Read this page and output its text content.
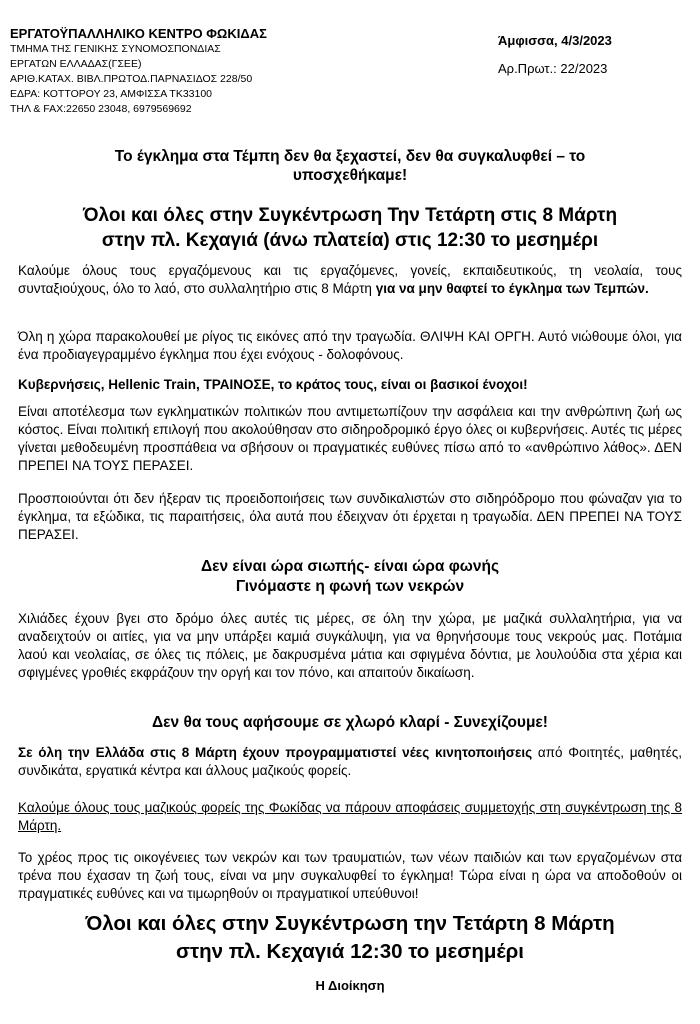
ΕΡΓΑΤΟΫΠΑΛΛΗΛΙΚΟ ΚΕΝΤΡΟ ΦΩΚΙΔΑΣ
ΤΜΗΜΑ ΤΗΣ ΓΕΝΙΚΗΣ ΣΥΝΟΜΟΣΠΟΝΔΙΑΣ
ΕΡΓΑΤΩΝ ΕΛΛΑΔΑΣ(ΓΣΕΕ)
ΑΡΙΘ.ΚΑΤΑΧ. ΒΙΒΛ.ΠΡΩΤΟΔ.ΠΑΡΝΑΣΙΔΟΣ 228/50
ΕΔΡΑ: ΚΟΤΤΟΡΟΥ 23, ΑΜΦΙΣΣΑ ΤΚ33100
ΤΗΛ & FAX:22650 23048, 6979569692
Άμφισσα, 4/3/2023
Αρ.Πρωτ.: 22/2023
Το έγκλημα στα Τέμπη δεν θα ξεχαστεί, δεν θα συγκαλυφθεί – το υποσχεθήκαμε!
Όλοι και όλες στην Συγκέντρωση Την Τετάρτη στις 8 Μάρτη
στην πλ. Κεχαγιά (άνω πλατεία) στις 12:30 το μεσημέρι

Καλούμε όλους τους εργαζόμενους και τις εργαζόμενες, γονείς, εκπαιδευτικούς, τη νεολαία, τους συνταξιούχους, όλο το λαό, στο συλλαλητήριο στις 8 Μάρτη για να μην θαφτεί το έγκλημα των Τεμπών.

Όλη η χώρα παρακολουθεί με ρίγος τις εικόνες από την τραγωδία. ΘΛΙΨΗ ΚΑΙ ΟΡΓΗ. Αυτό νιώθουμε όλοι, για ένα προδιαγεγραμμένο έγκλημα που έχει ενόχους - δολοφόνους.

Κυβερνήσεις, Hellenic Train, ΤΡΑΙΝΟΣΕ, το κράτος τους, είναι οι βασικοί ένοχοι!

Είναι αποτέλεσμα των εγκληματικών πολιτικών που αντιμετωπίζουν την ασφάλεια και την ανθρώπινη ζωή ως κόστος. Είναι πολιτική επιλογή που ακολούθησαν στο σιδηροδρομικό έργο όλες οι κυβερνήσεις. Αυτές τις μέρες γίνεται μεθοδευμένη προσπάθεια να σβήσουν οι πραγματικές ευθύνες πίσω από το «ανθρώπινο λάθος». ΔΕΝ ΠΡΕΠΕΙ ΝΑ ΤΟΥΣ ΠΕΡΑΣΕΙ.

Προσποιούνται ότι δεν ήξεραν τις προειδοποιήσεις των συνδικαλιστών στο σιδηρόδρομο που φώναζαν για το έγκλημα, τα εξώδικα, τις παραιτήσεις, όλα αυτά που έδειχναν ότι έρχεται η τραγωδία. ΔΕΝ ΠΡΕΠΕΙ ΝΑ ΤΟΥΣ ΠΕΡΑΣΕΙ.

Δεν είναι ώρα σιωπής- είναι ώρα φωνής
Γινόμαστε η φωνή των νεκρών

Χιλιάδες έχουν βγει στο δρόμο όλες αυτές τις μέρες, σε όλη την χώρα, με μαζικά συλλαλητήρια, για να αναδειχτούν οι αιτίες, για να μην υπάρξει καμιά συγκάλυψη, για να θρηνήσουμε τους νεκρούς μας. Ποτάμια λαού και νεολαίας, σε όλες τις πόλεις, με δακρυσμένα μάτια και σφιγμένα δόντια, με λουλούδια στα χέρια και σφιγμένες γροθιές εκφράζουν την οργή και τον πόνο, και απαιτούν δικαίωση.

Δεν θα τους αφήσουμε σε χλωρό κλαρί - Συνεχίζουμε!

Σε όλη την Ελλάδα στις 8 Μάρτη έχουν προγραμματιστεί νέες κινητοποιήσεις από Φοιτητές, μαθητές, συνδικάτα, εργατικά κέντρα και άλλους μαζικούς φορείς.

Καλούμε όλους τους μαζικούς φορείς της Φωκίδας να πάρουν αποφάσεις συμμετοχής στη συγκέντρωση της 8 Μάρτη.

Το χρέος προς τις οικογένειες των νεκρών και των τραυματιών, των νέων παιδιών και των εργαζομένων στα τρένα που έχασαν τη ζωή τους, είναι να μην συγκαλυφθεί το έγκλημα! Τώρα είναι η ώρα να αποδοθούν οι πραγματικές ευθύνες και να τιμωρηθούν οι πραγματικοί υπεύθυνοι!

Όλοι και όλες στην Συγκέντρωση την Τετάρτη 8 Μάρτη
στην πλ. Κεχαγιά 12:30 το μεσημέρι
Η Διοίκηση
